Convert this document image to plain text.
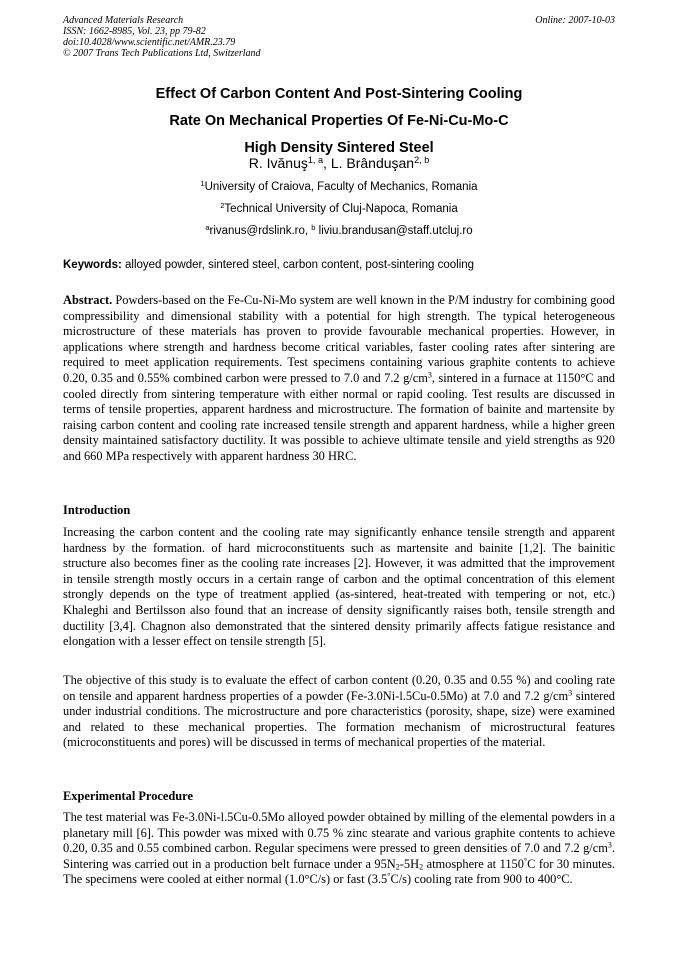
Advanced Materials Research
ISSN: 1662-8985, Vol. 23, pp 79-82
doi:10.4028/www.scientific.net/AMR.23.79
© 2007 Trans Tech Publications Ltd, Switzerland
Online: 2007-10-03
Effect Of Carbon Content And Post-Sintering Cooling
Rate On Mechanical Properties Of Fe-Ni-Cu-Mo-C
High Density Sintered Steel
R. Ivănuş$^{1, a}$, L. Brânduşan$^{2, b}$
$^1$University of Craiova, Faculty of Mechanics, Romania
$^2$Technical University of Cluj-Napoca, Romania
$^a$rivanus@rdslink.ro, $^b$ liviu.brandusan@staff.utcluj.ro
Keywords: alloyed powder, sintered steel, carbon content, post-sintering cooling
Abstract. Powders-based on the Fe-Cu-Ni-Mo system are well known in the P/M industry for combining good compressibility and dimensional stability with a potential for high strength. The typical heterogeneous microstructure of these materials has proven to provide favourable mechanical properties. However, in applications where strength and hardness become critical variables, faster cooling rates after sintering are required to meet application requirements. Test specimens containing various graphite contents to achieve 0.20, 0.35 and 0.55% combined carbon were pressed to 7.0 and 7.2 $g/cm^3$, sintered in a furnace at 1150°C and cooled directly from sintering temperature with either normal or rapid cooling. Test results are discussed in terms of tensile properties, apparent hardness and microstructure. The formation of bainite and martensite by raising carbon content and cooling rate increased tensile strength and apparent hardness, while a higher green density maintained satisfactory ductility. It was possible to achieve ultimate tensile and yield strengths as 920 and 660 MPa respectively with apparent hardness 30 HRC.
Introduction
Increasing the carbon content and the cooling rate may significantly enhance tensile strength and apparent hardness by the formation. of hard microconstituents such as martensite and bainite [1,2]. The bainitic structure also becomes finer as the cooling rate increases [2]. However, it was admitted that the improvement in tensile strength mostly occurs in a certain range of carbon and the optimal concentration of this element strongly depends on the type of treatment applied (as-sintered, heat-treated with tempering or not, etc.) Khaleghi and Bertilsson also found that an increase of density significantly raises both, tensile strength and ductility [3,4]. Chagnon also demonstrated that the sintered density primarily affects fatigue resistance and elongation with a lesser effect on tensile strength [5].
The objective of this study is to evaluate the effect of carbon content (0.20, 0.35 and 0.55 %) and cooling rate on tensile and apparent hardness properties of a powder (Fe-3.0Ni-l.5Cu-0.5Mo) at 7.0 and 7.2 $g/cm^3$ sintered under industrial conditions. The microstructure and pore characteristics (porosity, shape, size) were examined and related to these mechanical properties. The formation mechanism of microstructural features (microconstituents and pores) will be discussed in terms of mechanical properties of the material.
Experimental Procedure
The test material was Fe-3.0Ni-l.5Cu-0.5Mo alloyed powder obtained by milling of the elemental powders in a planetary mill [6]. This powder was mixed with 0.75 % zinc stearate and various graphite contents to achieve 0.20, 0.35 and 0.55 combined carbon. Regular specimens were pressed to green densities of 7.0 and 7.2 $g/cm^3$. Sintering was carried out in a production belt furnace under a $95N_2-5H_2$ atmosphere at 1150°C for 30 minutes. The specimens were cooled at either normal (1.0°C/s) or fast (3.5°C/s) cooling rate from 900 to 400°C.
